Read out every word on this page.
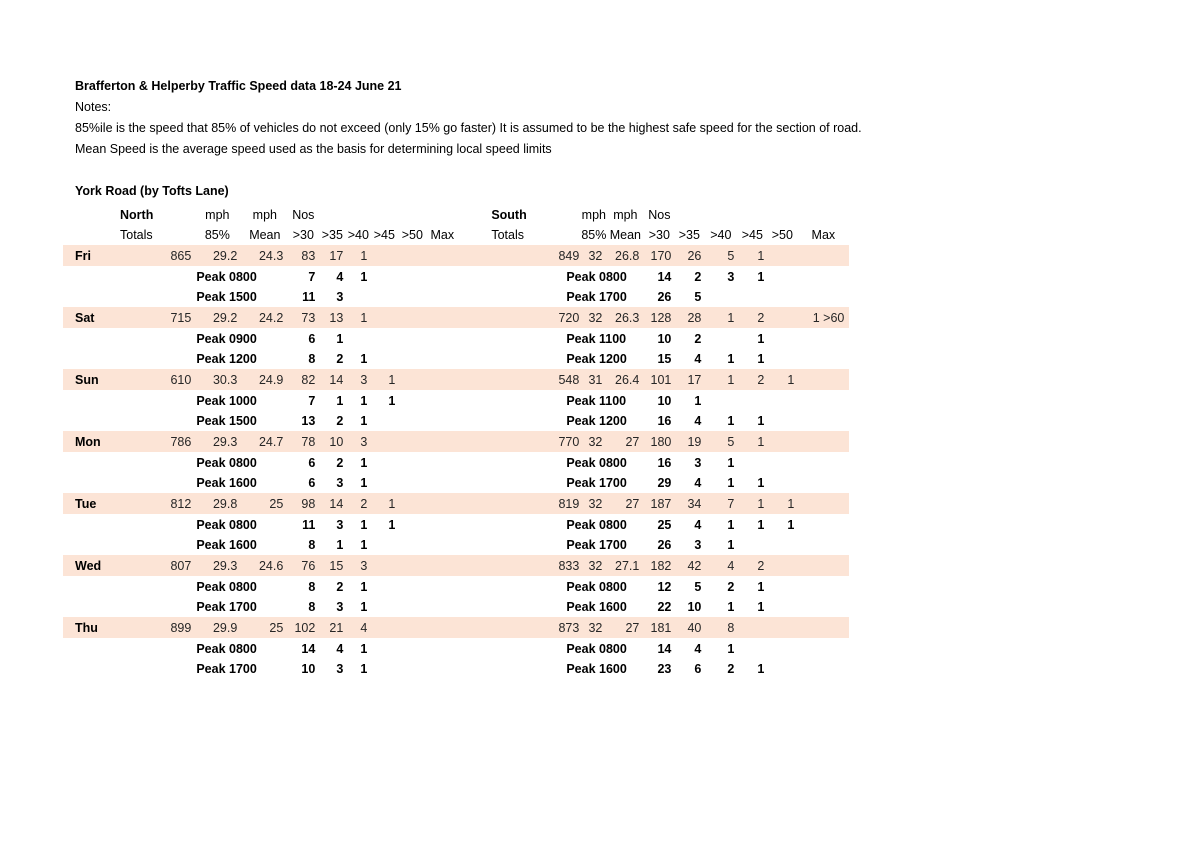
Brafferton & Helperby Traffic Speed data 18-24 June 21
Notes:
85%ile is the speed that 85% of vehicles do not exceed (only 15% go faster) It is assumed to be the highest safe speed for the section of road.
Mean Speed is the average speed used as the basis for determining local speed limits
York Road (by Tofts Lane)
North		mph	mph	Nos							South		mph	mph	Nos					
Totals		85%	Mean	>30	>35	>40	>45	>50	Max		Totals		85%	Mean	>30	>35	>40	>45	>50	Max
Fri	865	29.2	24.3	83	17	1						849	32	26.8	170	26	5	1		
		Peak 0800		7	4	1						Peak 0800			14	2	3	1		
		Peak 1500		11	3							Peak 1700			26	5				
Sat	715	29.2	24.2	73	13	1						720	32	26.3	128	28	1	2		1 >60
		Peak 0900		6	1							Peak 1100			10	2		1		
		Peak 1200		8	2	1						Peak 1200			15	4	1	1		
Sun	610	30.3	24.9	82	14	3	1					548	31	26.4	101	17	1	2	1	
		Peak 1000		7	1	1	1					Peak 1100			10	1				
		Peak 1500		13	2	1						Peak 1200			16	4	1	1		
Mon	786	29.3	24.7	78	10	3						770	32	27	180	19	5	1		
		Peak 0800		6	2	1						Peak 0800			16	3	1			
		Peak 1600		6	3	1						Peak 1700			29	4	1	1		
Tue	812	29.8	25	98	14	2	1					819	32	27	187	34	7	1	1	
		Peak 0800		11	3	1	1					Peak 0800			25	4	1	1	1	
		Peak 1600		8	1	1						Peak 1700			26	3	1			
Wed	807	29.3	24.6	76	15	3						833	32	27.1	182	42	4	2		
		Peak 0800		8	2	1						Peak 0800			12	5	2	1		
		Peak 1700		8	3	1						Peak 1600			22	10	1	1		
Thu	899	29.9	25	102	21	4						873	32	27	181	40	8			
		Peak 0800		14	4	1						Peak 0800			14	4	1			
		Peak 1700		10	3	1						Peak 1600			23	6	2	1		
